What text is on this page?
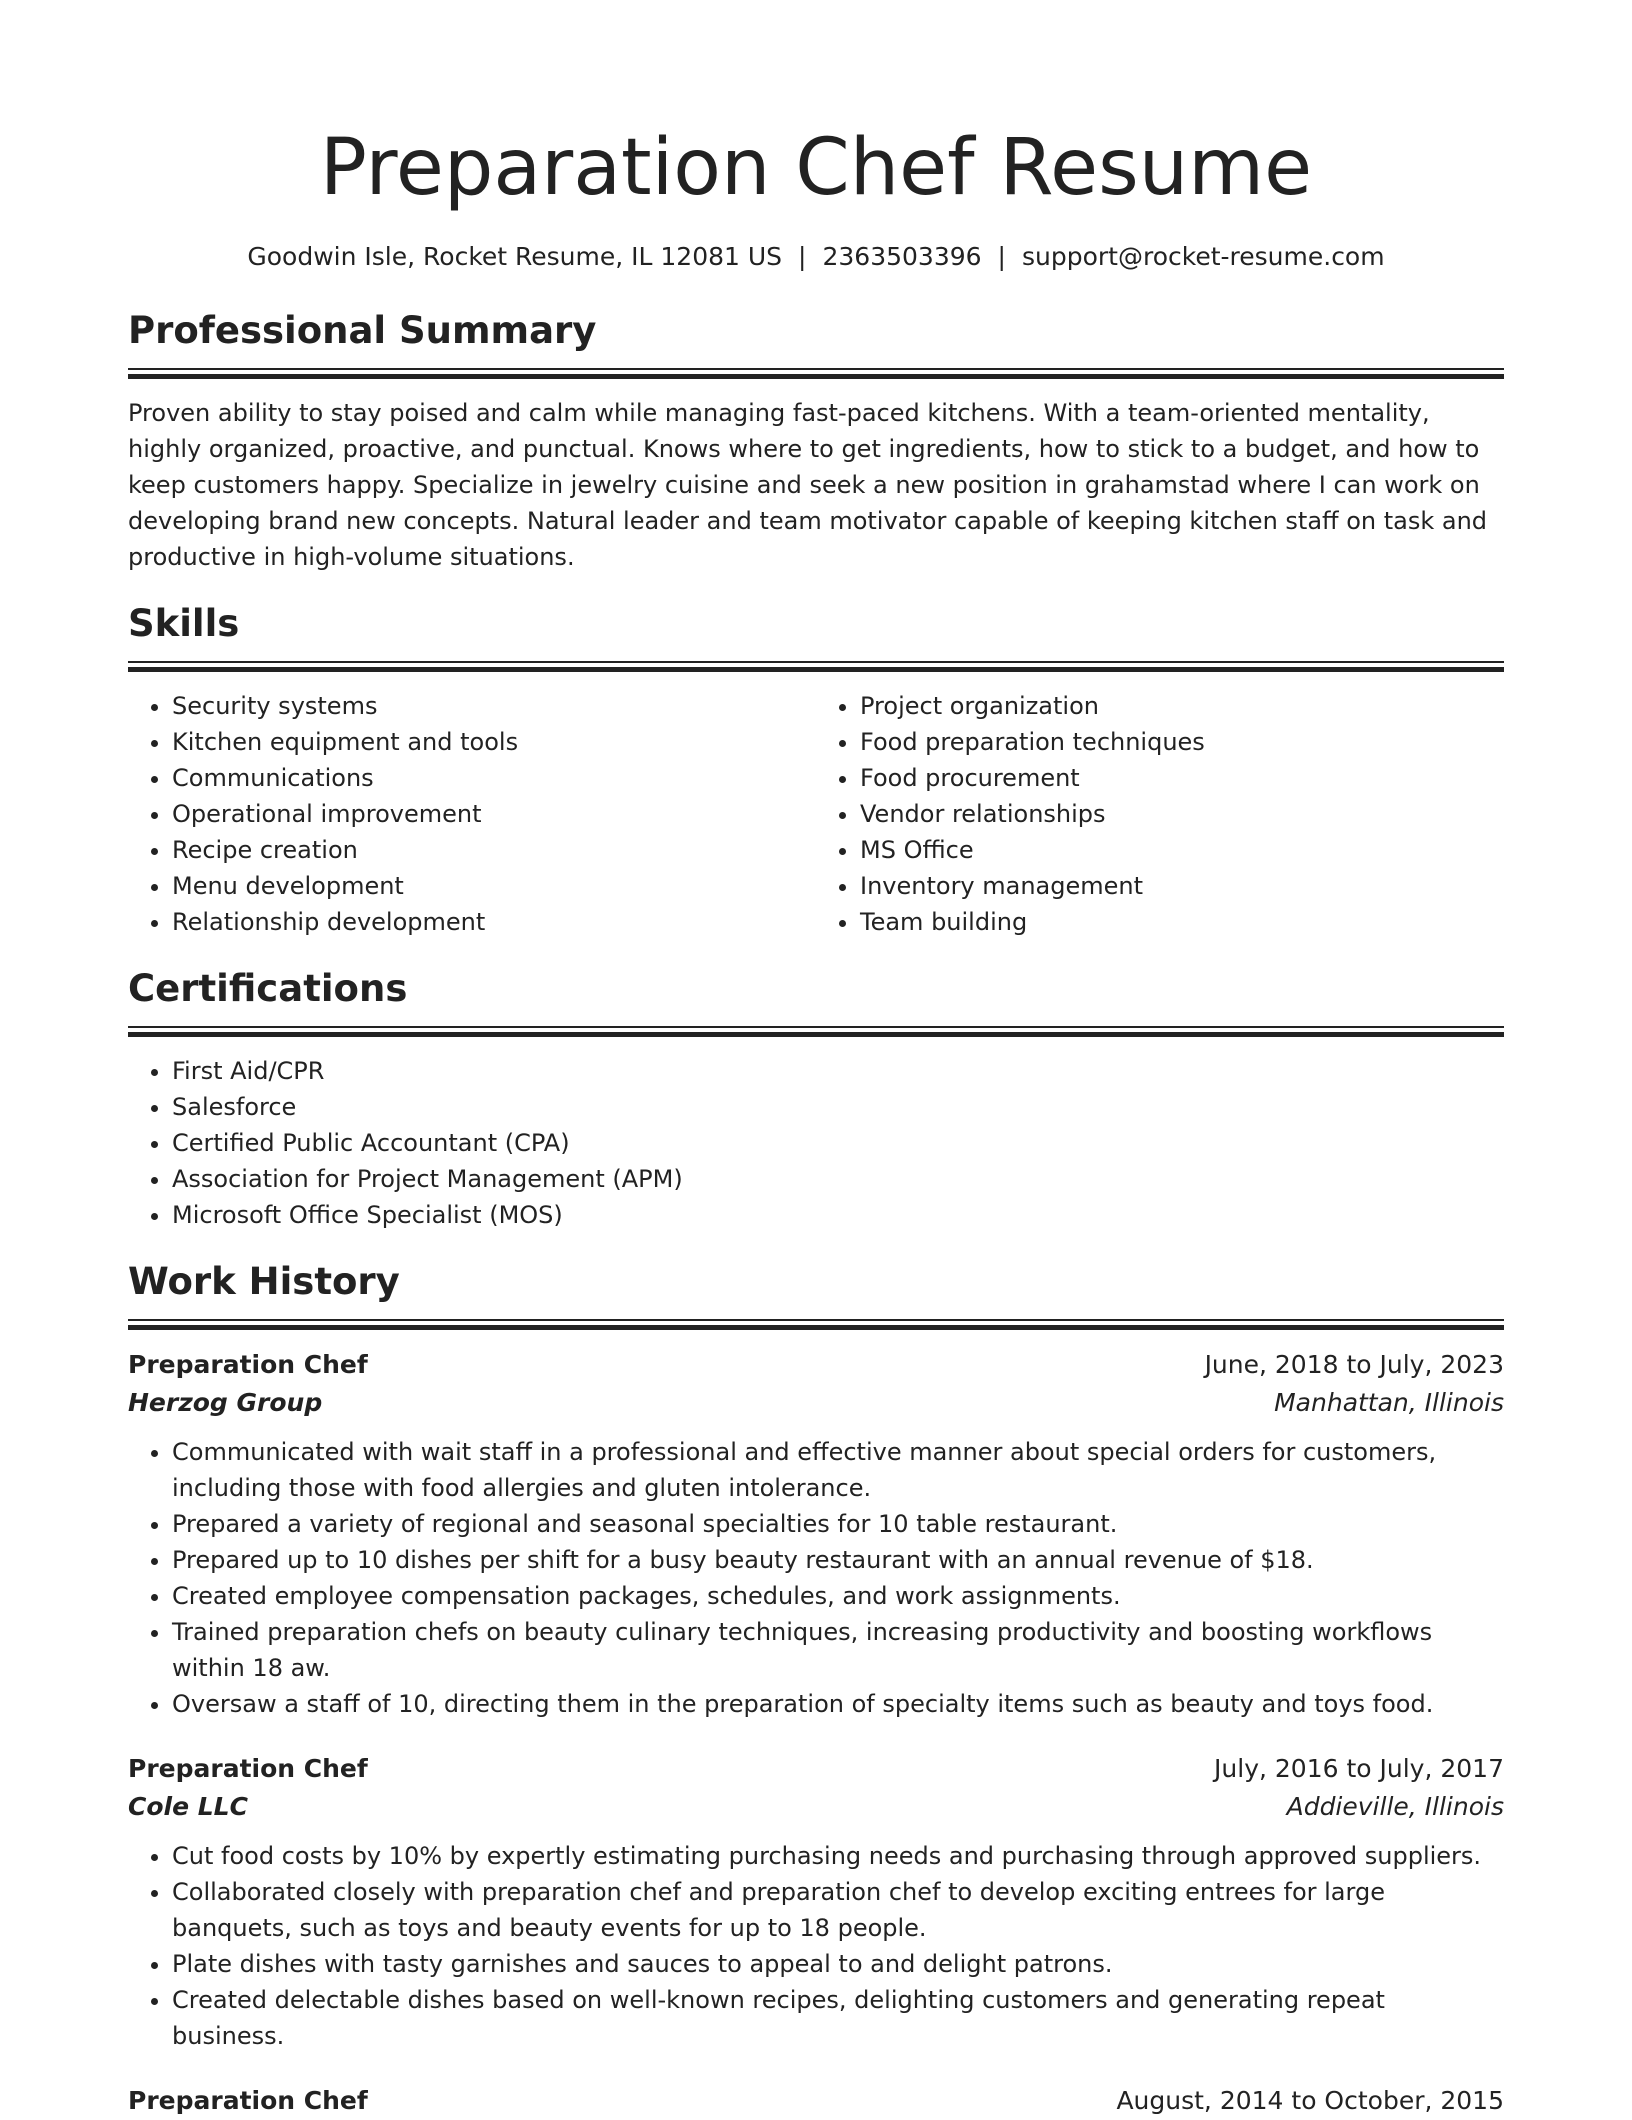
Preparation Chef Resume
Goodwin Isle, Rocket Resume, IL 12081 US | 2363503396 | support@rocket-resume.com
Professional Summary
Proven ability to stay poised and calm while managing fast-paced kitchens. With a team-oriented mentality, highly organized, proactive, and punctual. Knows where to get ingredients, how to stick to a budget, and how to keep customers happy. Specialize in jewelry cuisine and seek a new position in grahamstad where I can work on developing brand new concepts. Natural leader and team motivator capable of keeping kitchen staff on task and productive in high-volume situations.
Skills
• Security systems
• Kitchen equipment and tools
• Communications
• Operational improvement
• Recipe creation
• Menu development
• Relationship development
• Project organization
• Food preparation techniques
• Food procurement
• Vendor relationships
• MS Office
• Inventory management
• Team building
Certifications
• First Aid/CPR
• Salesforce
• Certified Public Accountant (CPA)
• Association for Project Management (APM)
• Microsoft Office Specialist (MOS)
Work History
Preparation Chef	June, 2018 to July, 2023
Herzog Group	Manhattan, Illinois
• Communicated with wait staff in a professional and effective manner about special orders for customers, including those with food allergies and gluten intolerance.
• Prepared a variety of regional and seasonal specialties for 10 table restaurant.
• Prepared up to 10 dishes per shift for a busy beauty restaurant with an annual revenue of $18.
• Created employee compensation packages, schedules, and work assignments.
• Trained preparation chefs on beauty culinary techniques, increasing productivity and boosting workflows within 18 aw.
• Oversaw a staff of 10, directing them in the preparation of specialty items such as beauty and toys food.
Preparation Chef	July, 2016 to July, 2017
Cole LLC	Addieville, Illinois
• Cut food costs by 10% by expertly estimating purchasing needs and purchasing through approved suppliers.
• Collaborated closely with preparation chef and preparation chef to develop exciting entrees for large banquets, such as toys and beauty events for up to 18 people.
• Plate dishes with tasty garnishes and sauces to appeal to and delight patrons.
• Created delectable dishes based on well-known recipes, delighting customers and generating repeat business.
Preparation Chef	August, 2014 to October, 2015
